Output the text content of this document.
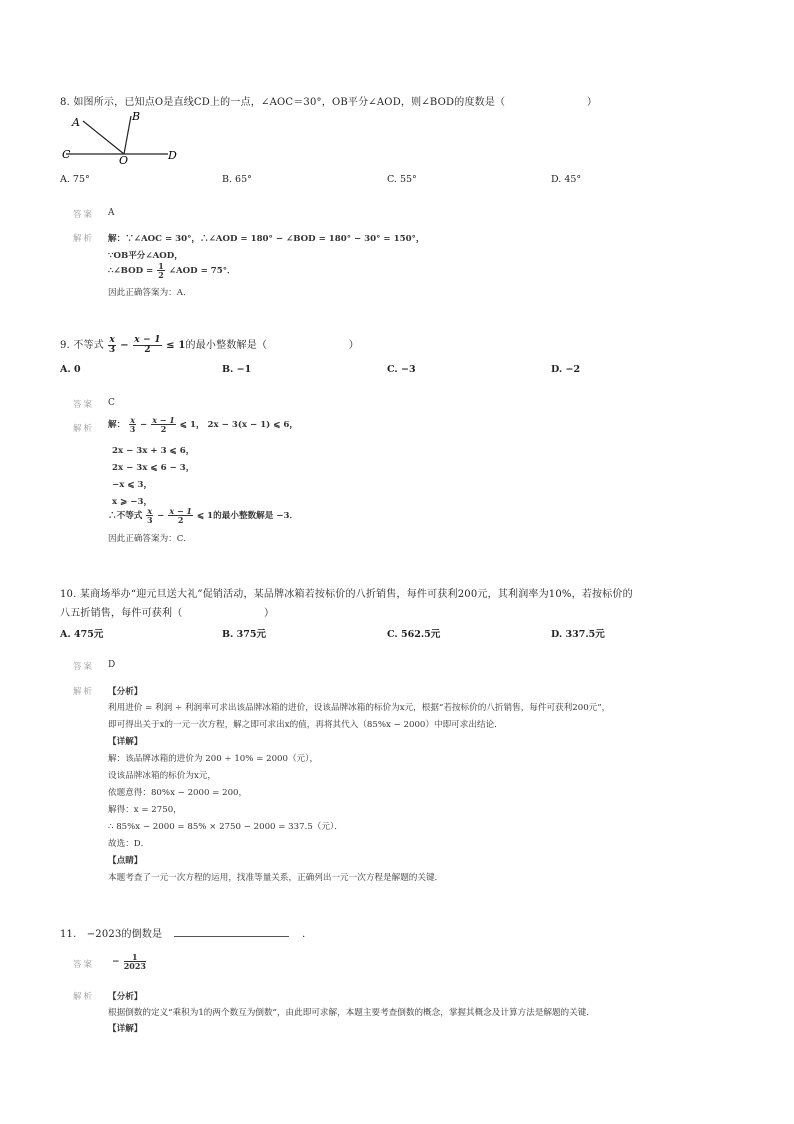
8. 如图所示，已知点O是直线CD上的一点，∠AOC＝30°，OB平分∠AOD，则∠BOD的度数是（　　　　　　　　）
A	B
C	O	D
A. 75°	B. 65°	C. 55°	D. 45°
答案 A
解析 解：∵∠AOC = 30°，∴∠AOD = 180° − ∠BOD = 180° − 30° = 150°，
∵OB平分∠AOD，
∴∠BOD = $\frac{1}{2}$ ∠AOD = 75°．
因此正确答案为：A．
9. 不等式 $\frac{x}{3} - \frac{x - 1}{2} \le 1$的最小整数解是（　　　　　　　　）
A. 0	B. −1	C. −3	D. −2
答案 C
解析 解： $\frac{x}{3} - \frac{x - 1}{2}$ ⩽ 1， 2x − 3(x − 1) ⩽ 6，
2x − 3x + 3 ⩽ 6，
2x − 3x ⩽ 6 − 3，
−x ⩽ 3，
x ⩾ −3，
∴不等式 $\frac{x}{3} - \frac{x - 1}{2}$ ⩽ 1的最小整数解是 −3．
因此正确答案为：C．
10. 某商场举办“迎元旦送大礼”促销活动，某品牌冰箱若按标价的八折销售，每件可获利200元，其利润率为10%，若按标价的
八五折销售，每件可获利（　　　　　　　　）
A. 475元	B. 375元	C. 562.5元	D. 337.5元
答案 D
解析 【分析】
利用进价 = 利润 ÷ 利润率可求出该品牌冰箱的进价，设该品牌冰箱的标价为x元，根据“若按标价的八折销售，每件可获利200元”，
即可得出关于x的一元一次方程，解之即可求出x的值，再将其代入（85%x − 2000）中即可求出结论．
【详解】
解：该品牌冰箱的进价为 200 ÷ 10% = 2000（元），
设该品牌冰箱的标价为x元，
依题意得：80%x − 2000 = 200，
解得：x = 2750，
∴ 85%x − 2000 = 85% × 2750 − 2000 = 337.5（元）．
故选：D．
【点睛】
本题考查了一元一次方程的运用，找准等量关系，正确列出一元一次方程是解题的关键．
11.　−2023的倒数是	．
答案 − $\frac{1}{2023}$
解析 【分析】
根据倒数的定义“乘积为1的两个数互为倒数”，由此即可求解，本题主要考查倒数的概念，掌握其概念及计算方法是解题的关键．
【详解】
